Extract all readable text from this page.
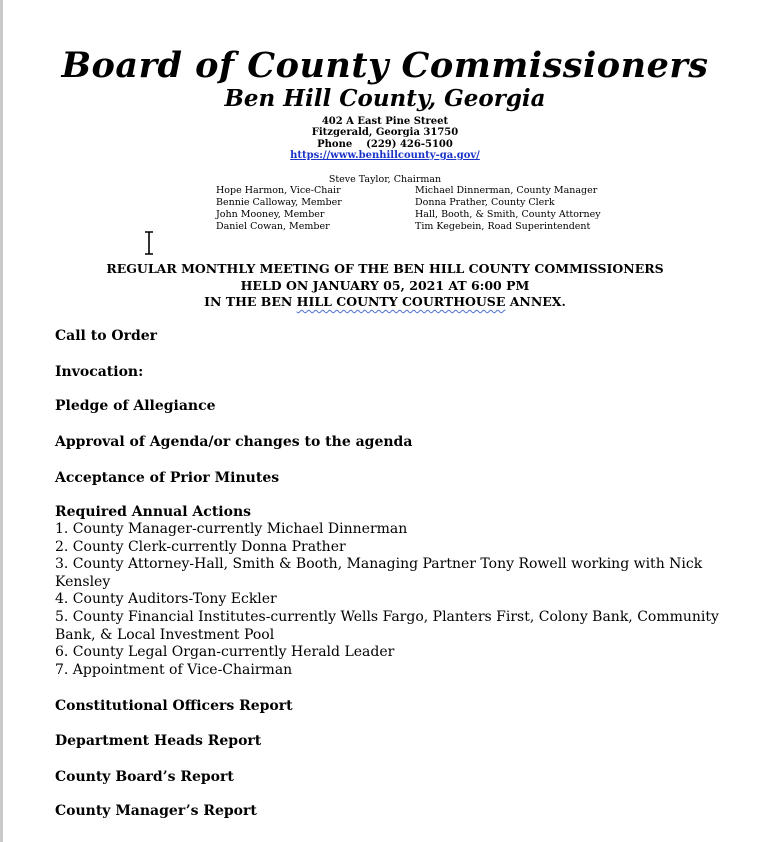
Board of County Commissioners
Ben Hill County, Georgia
402 A East Pine Street
Fitzgerald, Georgia 31750
Phone    (229) 426-5100
https://www.benhillcounty-ga.gov/
Steve Taylor, Chairman
Hope Harmon, Vice-Chair
Bennie Calloway, Member
John Mooney, Member
Daniel Cowan, Member
Michael Dinnerman, County Manager
Donna Prather, County Clerk
Hall, Booth, & Smith, County Attorney
Tim Kegebein, Road Superintendent
REGULAR MONTHLY MEETING OF THE BEN HILL COUNTY COMMISSIONERS
HELD ON JANUARY 05, 2021 AT 6:00 PM
IN THE BEN HILL COUNTY COURTHOUSE ANNEX.
Call to Order
Invocation:
Pledge of Allegiance
Approval of Agenda/or changes to the agenda
Acceptance of Prior Minutes
Required Annual Actions
1. County Manager-currently Michael Dinnerman
2. County Clerk-currently Donna Prather
3. County Attorney-Hall, Smith & Booth, Managing Partner Tony Rowell working with Nick Kensley
4. County Auditors-Tony Eckler
5. County Financial Institutes-currently Wells Fargo, Planters First, Colony Bank, Community Bank, & Local Investment Pool
6. County Legal Organ-currently Herald Leader
7. Appointment of Vice-Chairman
Constitutional Officers Report
Department Heads Report
County Board’s Report
County Manager’s Report
